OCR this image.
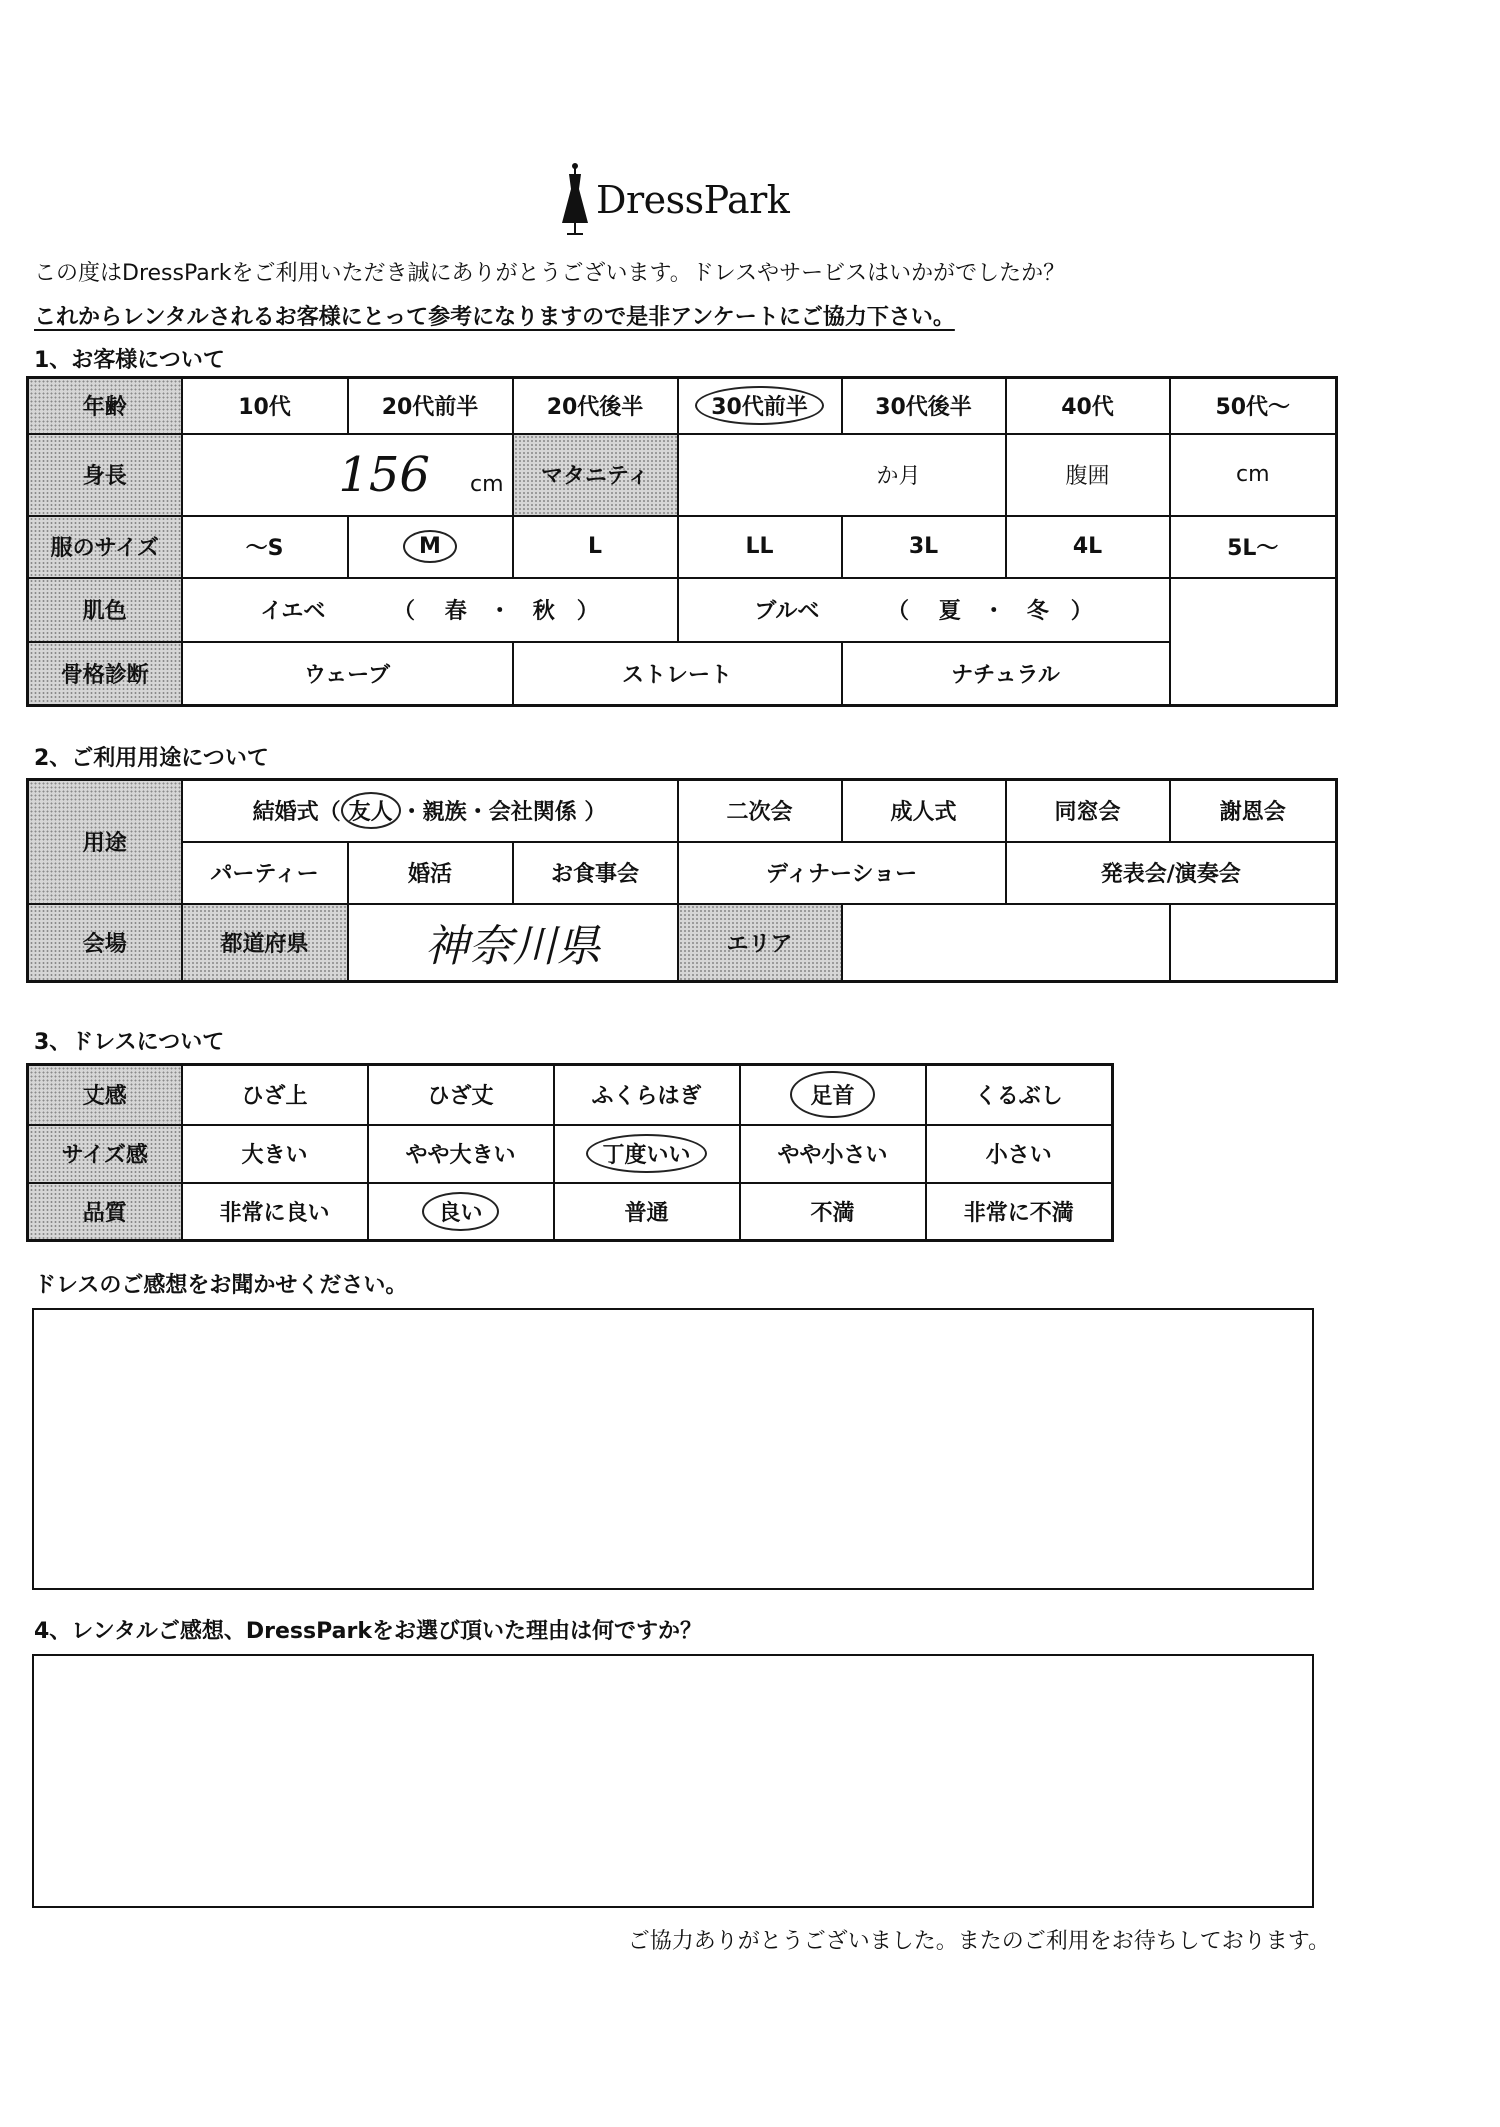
DressPark
この度はDressParkをご利用いただき誠にありがとうございます。ドレスやサービスはいかがでしたか？
これからレンタルされるお客様にとって参考になりますので是非アンケートにご協力下さい。
1、お客様について
年齢	10代	20代前半	20代後半	30代前半	30代後半	40代	50代～
身長	156 cm		マタニティ	か月		腹囲	cm
服のサイズ	～S	M	L	LL	3L	4L	5L～
肌色	イエベ （ 春 ・ 秋 ）			ブルベ （ 夏 ・ 冬 ）			
骨格診断	ウェーブ		ストレート		ナチュラル		
2、ご利用用途について
用途	結婚式（ 友人 ・親族・会社関係 ）			二次会	成人式	同窓会	謝恩会
	パーティー	婚活	お食事会	ディナーショー		発表会/演奏会	
会場	都道府県	神奈川県		エリア			
3、ドレスについて
丈感	ひざ上	ひざ丈	ふくらはぎ	足首	くるぶし
サイズ感	大きい	やや大きい	丁度いい	やや小さい	小さい
品質	非常に良い	良い	普通	不満	非常に不満
ドレスのご感想をお聞かせください。
4、レンタルご感想、DressParkをお選び頂いた理由は何ですか？
ご協力ありがとうございました。またのご利用をお待ちしております。
